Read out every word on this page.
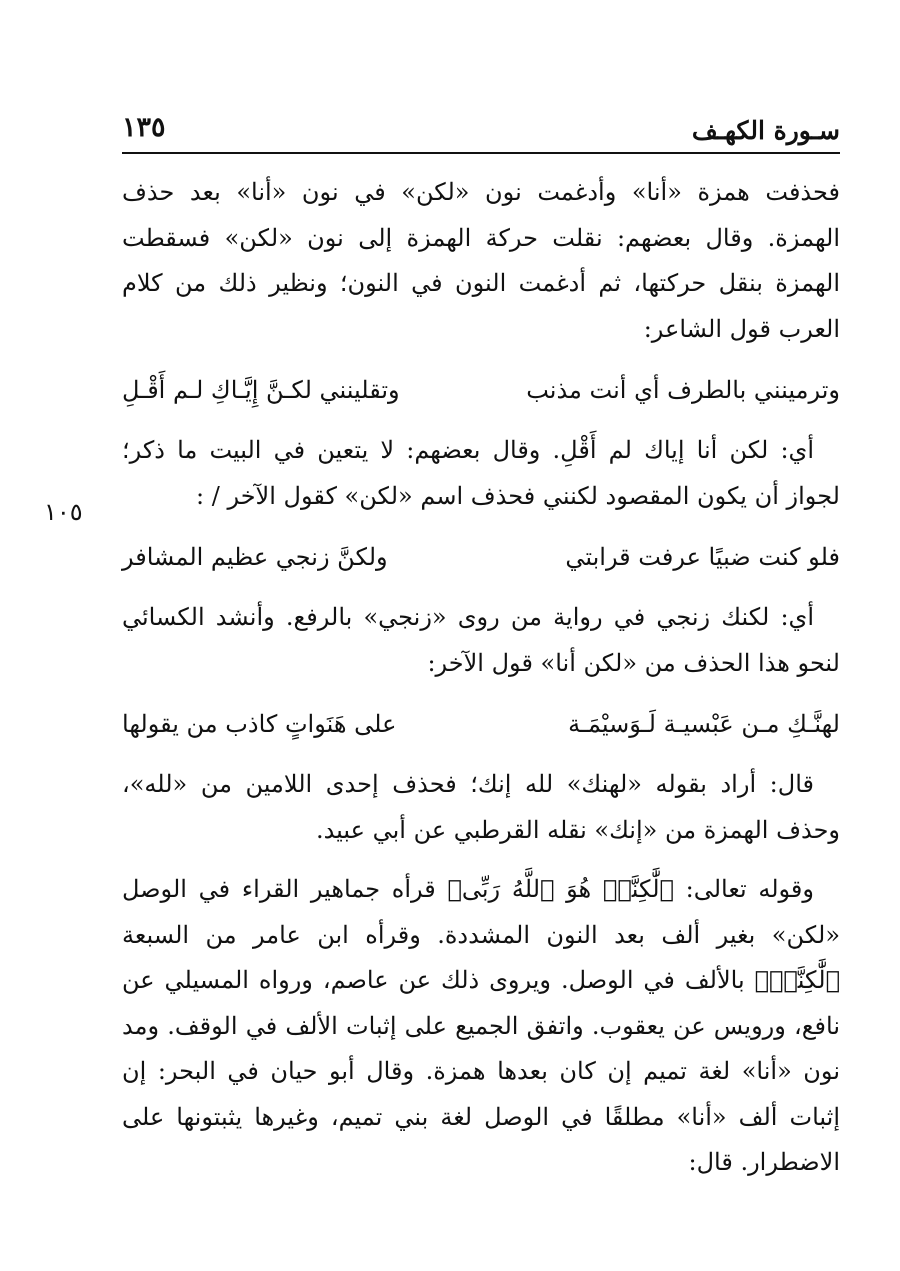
سـورة الكهـف
١٣٥

فحذفت همزة «أنا» وأدغمت نون «لكن» في نون «أنا» بعد حذف الهمزة. وقال بعضهم: نقلت حركة الهمزة إلى نون «لكن» فسقطت الهمزة بنقل حركتها، ثم أدغمت النون في النون؛ ونظير ذلك من كلام العرب قول الشاعر:

وترمينني بالطرف أي أنت مذنب
وتقلينني لكـنَّ إِيَّـاكِ لـم أَقْـلِ

أي: لكن أنا إياك لم أَقْلِ. وقال بعضهم: لا يتعين في البيت ما ذكر؛ لجواز أن يكون المقصود لكنني فحذف اسم «لكن» كقول الآخر / :

فلو كنت ضبيًا عرفت قرابتي
ولكنَّ زنجي عظيم المشافر

أي: لكنك زنجي في رواية من روى «زنجي» بالرفع. وأنشد الكسائي لنحو هذا الحذف من «لكن أنا» قول الآخر:

لهنَّـكِ مـن عَبْسيـة لَـوَسيْمَـة
على هَنَواتٍ كاذب من يقولها

قال: أراد بقوله «لهنك» لله إنك؛ فحذف إحدى اللامين من «لله»، وحذف الهمزة من «إنك» نقله القرطبي عن أبي عبيد.

وقوله تعالى: ﴿لَّٰكِنَّا۠ هُوَ ٱللَّهُ رَبِّى﴾ قرأه جماهير القراء في الوصل «لكن» بغير ألف بعد النون المشددة. وقرأه ابن عامر من السبعة ﴿لَّٰكِنَّا۠﴾ بالألف في الوصل. ويروى ذلك عن عاصم، ورواه المسيلي عن نافع، ورويس عن يعقوب. واتفق الجميع على إثبات الألف في الوقف. ومد نون «أنا» لغة تميم إن كان بعدها همزة. وقال أبو حيان في البحر: إن إثبات ألف «أنا» مطلقًا في الوصل لغة بني تميم، وغيرها يثبتونها على الاضطرار. قال:

١٠٥
